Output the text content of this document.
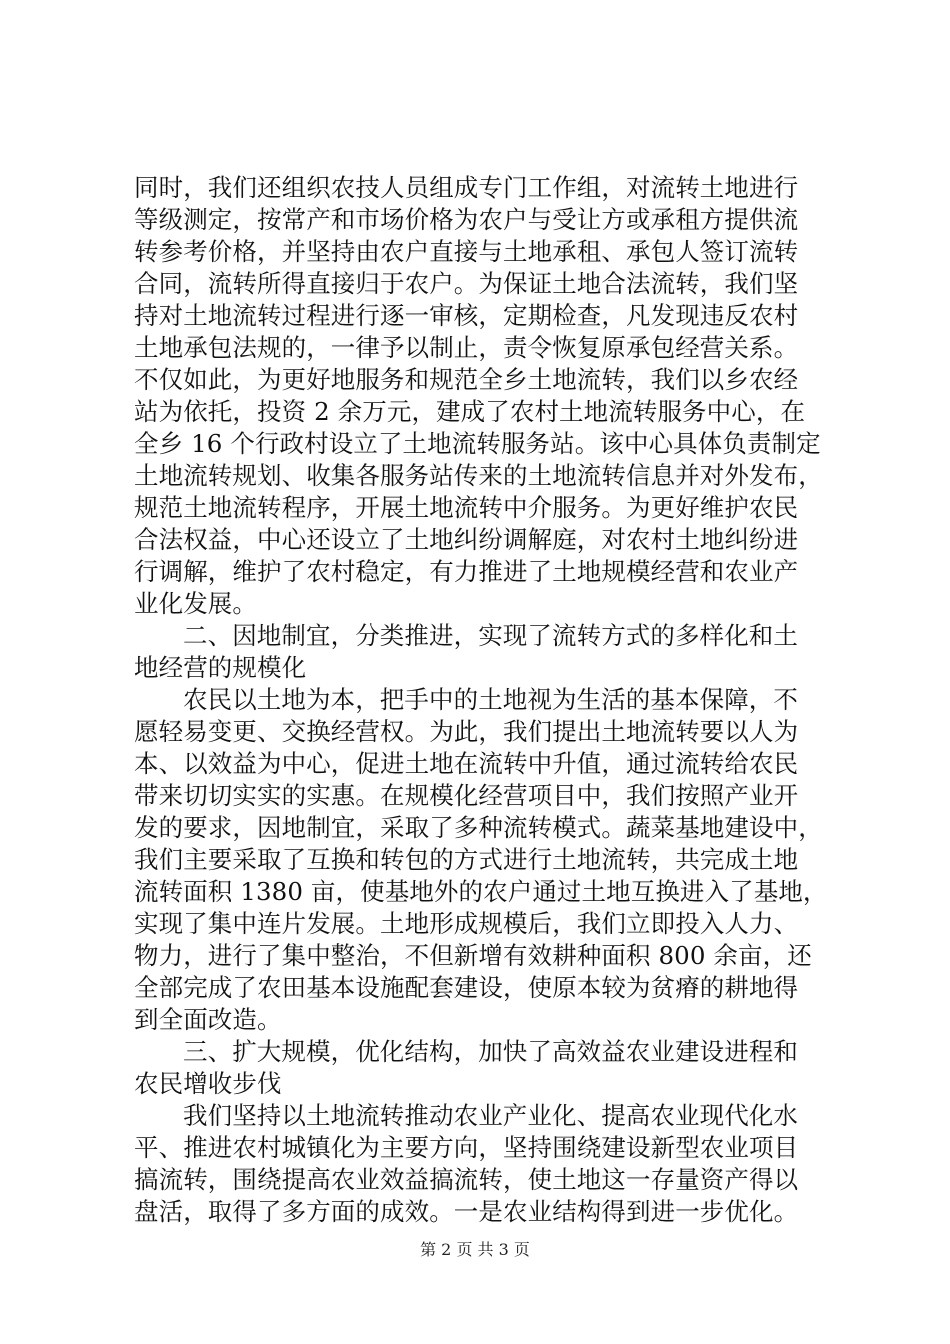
同时，我们还组织农技人员组成专门工作组，对流转土地进行
等级测定，按常产和市场价格为农户与受让方或承租方提供流
转参考价格，并坚持由农户直接与土地承租、承包人签订流转
合同，流转所得直接归于农户。为保证土地合法流转，我们坚
持对土地流转过程进行逐一审核，定期检查，凡发现违反农村
土地承包法规的，一律予以制止，责令恢复原承包经营关系。
不仅如此，为更好地服务和规范全乡土地流转，我们以乡农经
站为依托，投资 2 余万元，建成了农村土地流转服务中心，在
全乡 16 个行政村设立了土地流转服务站。该中心具体负责制定
土地流转规划、收集各服务站传来的土地流转信息并对外发布，
规范土地流转程序，开展土地流转中介服务。为更好维护农民
合法权益，中心还设立了土地纠纷调解庭，对农村土地纠纷进
行调解，维护了农村稳定，有力推进了土地规模经营和农业产
业化发展。
二、因地制宜，分类推进，实现了流转方式的多样化和土
地经营的规模化
农民以土地为本，把手中的土地视为生活的基本保障，不
愿轻易变更、交换经营权。为此，我们提出土地流转要以人为
本、以效益为中心，促进土地在流转中升值，通过流转给农民
带来切切实实的实惠。在规模化经营项目中，我们按照产业开
发的要求，因地制宜，采取了多种流转模式。蔬菜基地建设中，
我们主要采取了互换和转包的方式进行土地流转，共完成土地
流转面积 1380 亩，使基地外的农户通过土地互换进入了基地，
实现了集中连片发展。土地形成规模后，我们立即投入人力、
物力，进行了集中整治，不但新增有效耕种面积 800 余亩，还
全部完成了农田基本设施配套建设，使原本较为贫瘠的耕地得
到全面改造。
三、扩大规模，优化结构，加快了高效益农业建设进程和
农民增收步伐
我们坚持以土地流转推动农业产业化、提高农业现代化水
平、推进农村城镇化为主要方向，坚持围绕建设新型农业项目
搞流转，围绕提高农业效益搞流转，使土地这一存量资产得以
盘活，取得了多方面的成效。一是农业结构得到进一步优化。
第 2 页 共 3 页
